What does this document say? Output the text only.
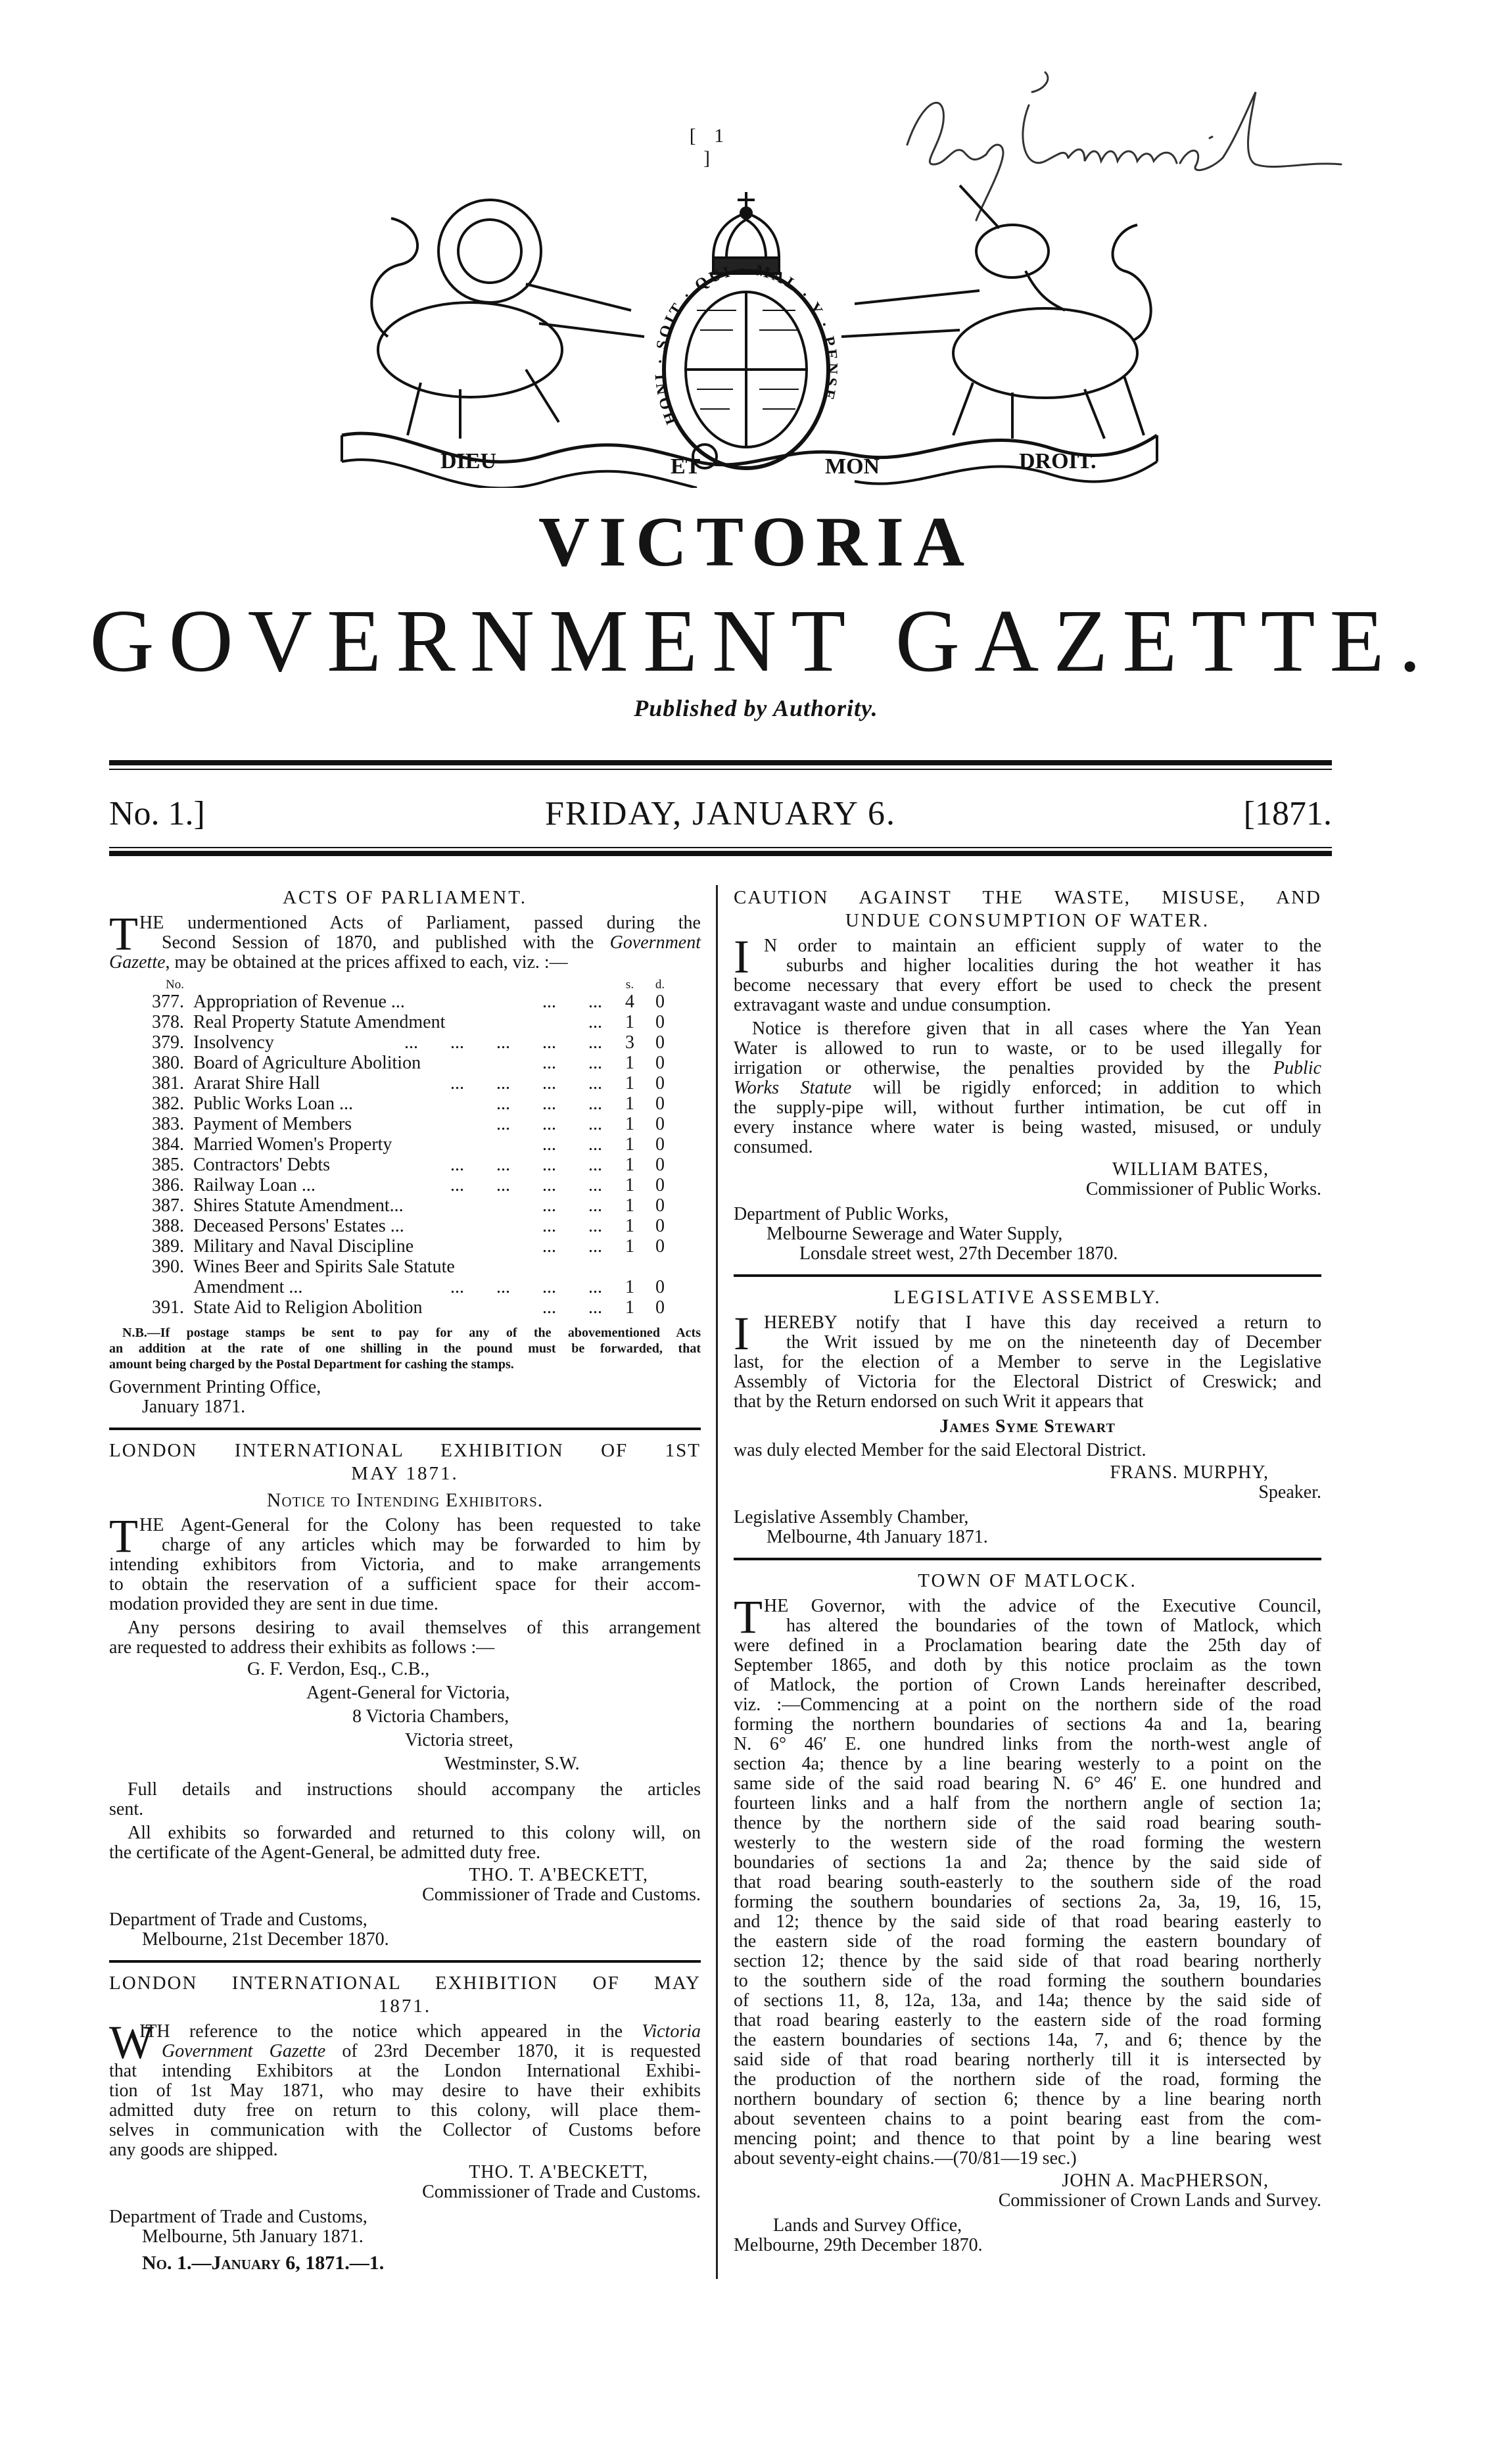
[ 1 ]
DIEU	ET	MON	DROIT.
HONI · SOIT · QUI · MAL · Y · PENSE
VICTORIA
GOVERNMENT GAZETTE.
Published by Authority.
No. 1.]	FRIDAY, JANUARY 6.	[1871.
ACTS OF PARLIAMENT.
T HE undermentioned Acts of Parliament, passed during the
Second Session of 1870, and published with the Government
Gazette, may be obtained at the prices affixed to each, viz. :—
No.	s.	d.
377. Appropriation of Revenue ...	... ... 4 0
378. Real Property Statute Amendment	... 1 0
379. Insolvency	... ... ... ... ... 3 0
380. Board of Agriculture Abolition	... ... 1 0
381. Ararat Shire Hall	... ... ... ... 1 0
382. Public Works Loan ...	... ... ... 1 0
383. Payment of Members	... ... ... 1 0
384. Married Women's Property	... ... 1 0
385. Contractors' Debts	... ... ... ... 1 0
386. Railway Loan ...	... ... ... ... 1 0
387. Shires Statute Amendment...	... ... 1 0
388. Deceased Persons' Estates ...	... ... 1 0
389. Military and Naval Discipline	... ... 1 0
390. Wines Beer and Spirits Sale Statute
Amendment ...	... ... ... ... 1 0
391. State Aid to Religion Abolition	... ... 1 0
N.B.—If postage stamps be sent to pay for any of the abovementioned Acts
an addition at the rate of one shilling in the pound must be forwarded, that
amount being charged by the Postal Department for cashing the stamps.
Government Printing Office,
January 1871.
LONDON INTERNATIONAL EXHIBITION OF 1ST
MAY 1871.
Notice to Intending Exhibitors.
T HE Agent-General for the Colony has been requested to take
charge of any articles which may be forwarded to him by
intending exhibitors from Victoria, and to make arrangements
to obtain the reservation of a sufficient space for their accom-
modation provided they are sent in due time.
Any persons desiring to avail themselves of this arrangement
are requested to address their exhibits as follows :—
G. F. Verdon, Esq., C.B.,
Agent-General for Victoria,
8 Victoria Chambers,
Victoria street,
Westminster, S.W.
Full details and instructions should accompany the articles
sent.
All exhibits so forwarded and returned to this colony will, on
the certificate of the Agent-General, be admitted duty free.
THO. T. A'BECKETT,
Commissioner of Trade and Customs.
Department of Trade and Customs,
Melbourne, 21st December 1870.
LONDON INTERNATIONAL EXHIBITION OF MAY
1871.
W
ITH reference to the notice which appeared in the Victoria
Government Gazette of 23rd December 1870, it is requested
that intending Exhibitors at the London International Exhibi-
tion of 1st May 1871, who may desire to have their exhibits
admitted duty free on return to this colony, will place them-
selves in communication with the Collector of Customs before
any goods are shipped.
THO. T. A'BECKETT,
Commissioner of Trade and Customs.
Department of Trade and Customs,
Melbourne, 5th January 1871.
No. 1.—January 6, 1871.—1.
CAUTION AGAINST THE WASTE, MISUSE, AND
UNDUE CONSUMPTION OF WATER.
I N order to maintain an efficient supply of water to the
suburbs and higher localities during the hot weather it has
become necessary that every effort be used to check the present
extravagant waste and undue consumption.
Notice is therefore given that in all cases where the Yan Yean
Water is allowed to run to waste, or to be used illegally for
irrigation or otherwise, the penalties provided by the Public
Works Statute will be rigidly enforced; in addition to which
the supply-pipe will, without further intimation, be cut off in
every instance where water is being wasted, misused, or unduly
consumed.
WILLIAM BATES,
Commissioner of Public Works.
Department of Public Works,
Melbourne Sewerage and Water Supply,
Lonsdale street west, 27th December 1870.
LEGISLATIVE ASSEMBLY.
I HEREBY notify that I have this day received a return to
the Writ issued by me on the nineteenth day of December
last, for the election of a Member to serve in the Legislative
Assembly of Victoria for the Electoral District of Creswick; and
that by the Return endorsed on such Writ it appears that
James Syme Stewart
was duly elected Member for the said Electoral District.
FRANS. MURPHY,
Speaker.
Legislative Assembly Chamber,
Melbourne, 4th January 1871.
TOWN OF MATLOCK.
T HE Governor, with the advice of the Executive Council,
has altered the boundaries of the town of Matlock, which
were defined in a Proclamation bearing date the 25th day of
September 1865, and doth by this notice proclaim as the town
of Matlock, the portion of Crown Lands hereinafter described,
viz. :—Commencing at a point on the northern side of the road
forming the northern boundaries of sections 4a and 1a, bearing
N. 6° 46′ E. one hundred links from the north-west angle of
section 4a; thence by a line bearing westerly to a point on the
same side of the said road bearing N. 6° 46′ E. one hundred and
fourteen links and a half from the northern angle of section 1a;
thence by the northern side of the said road bearing south-
westerly to the western side of the road forming the western
boundaries of sections 1a and 2a; thence by the said side of
that road bearing south-easterly to the southern side of the road
forming the southern boundaries of sections 2a, 3a, 19, 16, 15,
and 12; thence by the said side of that road bearing easterly to
the eastern side of the road forming the eastern boundary of
section 12; thence by the said side of that road bearing northerly
to the southern side of the road forming the southern boundaries
of sections 11, 8, 12a, 13a, and 14a; thence by the said side of
that road bearing easterly to the eastern side of the road forming
the eastern boundaries of sections 14a, 7, and 6; thence by the
said side of that road bearing northerly till it is intersected by
the production of the northern side of the road, forming the
northern boundary of section 6; thence by a line bearing north
about seventeen chains to a point bearing east from the com-
mencing point; and thence to that point by a line bearing west
about seventy-eight chains.—(70/81—19 sec.)
JOHN A. MacPHERSON,
Commissioner of Crown Lands and Survey.
Lands and Survey Office,
Melbourne, 29th December 1870.
